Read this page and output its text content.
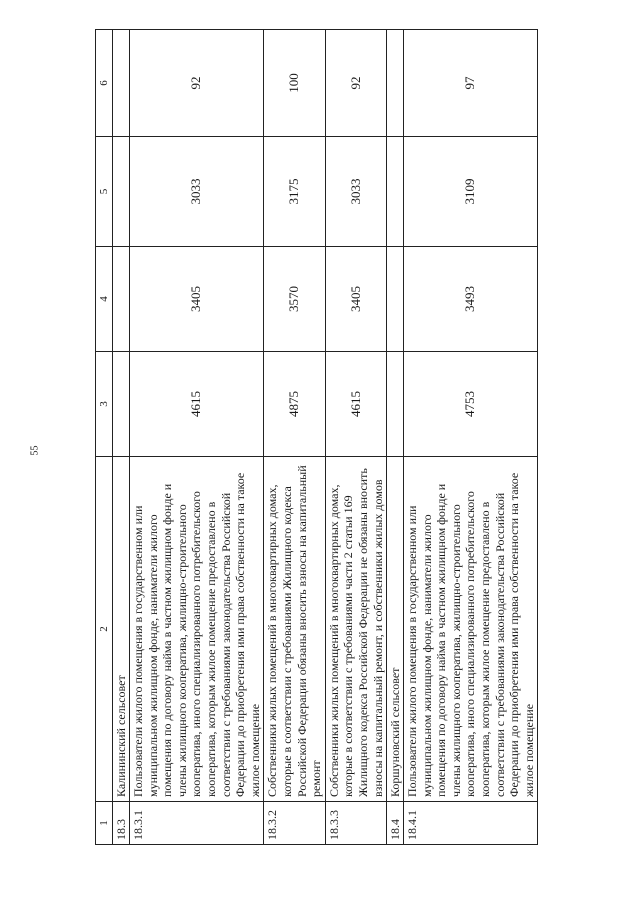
55
1	2	3	4	5	6
18.3	Калининский сельсовет				
18.3.1	Пользователи жилого помещения в государственном или муниципальном жилищном фонде, наниматели жилого помещения по договору найма в частном жилищном фонде и члены жилищного кооператива, жилищно-строительного кооператива, иного специализированного потребительского кооператива, которым жилое помещение предоставлено в соответствии с требованиями законодательства Российской Федерации до приобретения ими права собственности на такое жилое помещение	4615	3405	3033	92
18.3.2	Собственники жилых помещений в многоквартирных домах, которые в соответствии с требованиями Жилищного кодекса Российской Федерации обязаны вносить взносы на капитальный ремонт	4875	3570	3175	100
18.3.3	Собственники жилых помещений в многоквартирных домах, которые в соответствии с требованиями части 2 статьи 169 Жилищного кодекса Российской Федерации не обязаны вносить взносы на капитальный ремонт, и собственники жилых домов	4615	3405	3033	92
18.4	Коршуновский сельсовет				
18.4.1	Пользователи жилого помещения в государственном или муниципальном жилищном фонде, наниматели жилого помещения по договору найма в частном жилищном фонде и члены жилищного кооператива, жилищно-строительного кооператива, иного специализированного потребительского кооператива, которым жилое помещение предоставлено в соответствии с требованиями законодательства Российской Федерации до приобретения ими права собственности на такое жилое помещение	4753	3493	3109	97
